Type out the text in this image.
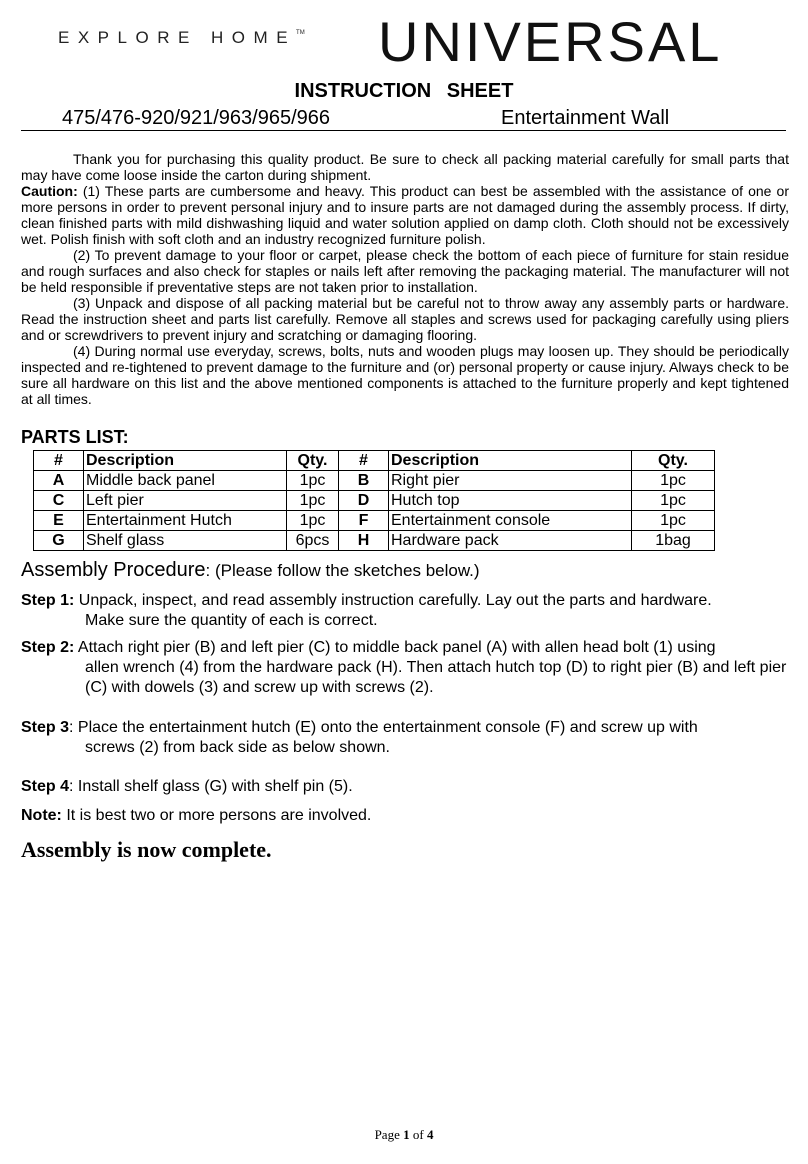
EXPLORE HOME™ UNIVERSAL
INSTRUCTION SHEET
475/476-920/921/963/965/966	Entertainment Wall

Thank you for purchasing this quality product. Be sure to check all packing material carefully for small parts that may have come loose inside the carton during shipment.

Caution: (1) These parts are cumbersome and heavy. This product can best be assembled with the assistance of one or more persons in order to prevent personal injury and to insure parts are not damaged during the assembly process. If dirty, clean finished parts with mild dishwashing liquid and water solution applied on damp cloth. Cloth should not be excessively wet. Polish finish with soft cloth and an industry recognized furniture polish.

(2) To prevent damage to your floor or carpet, please check the bottom of each piece of furniture for stain residue and rough surfaces and also check for staples or nails left after removing the packaging material. The manufacturer will not be held responsible if preventative steps are not taken prior to installation.

(3) Unpack and dispose of all packing material but be careful not to throw away any assembly parts or hardware. Read the instruction sheet and parts list carefully. Remove all staples and screws used for packaging carefully using pliers and or screwdrivers to prevent injury and scratching or damaging flooring.

(4) During normal use everyday, screws, bolts, nuts and wooden plugs may loosen up. They should be periodically inspected and re-tightened to prevent damage to the furniture and (or) personal property or cause injury. Always check to be sure all hardware on this list and the above mentioned components is attached to the furniture properly and kept tightened at all times.

PARTS LIST:
#	Description	Qty.	#	Description	Qty.
A	Middle back panel	1pc	B	Right pier	1pc
C	Left pier	1pc	D	Hutch top	1pc
E	Entertainment Hutch	1pc	F	Entertainment console	1pc
G	Shelf glass	6pcs	H	Hardware pack	1bag
Assembly Procedure: (Please follow the sketches below.)
Step 1: Unpack, inspect, and read assembly instruction carefully. Lay out the parts and hardware.
Make sure the quantity of each is correct.
Step 2: Attach right pier (B) and left pier (C) to middle back panel (A) with allen head bolt (1) using
allen wrench (4) from the hardware pack (H). Then attach hutch top (D) to right pier (B) and left pier (C) with dowels (3) and screw up with screws (2).
Step 3: Place the entertainment hutch (E) onto the entertainment console (F) and screw up with
screws (2) from back side as below shown.
Step 4: Install shelf glass (G) with shelf pin (5).
Note: It is best two or more persons are involved.
Assembly is now complete.
Page 1 of 4
